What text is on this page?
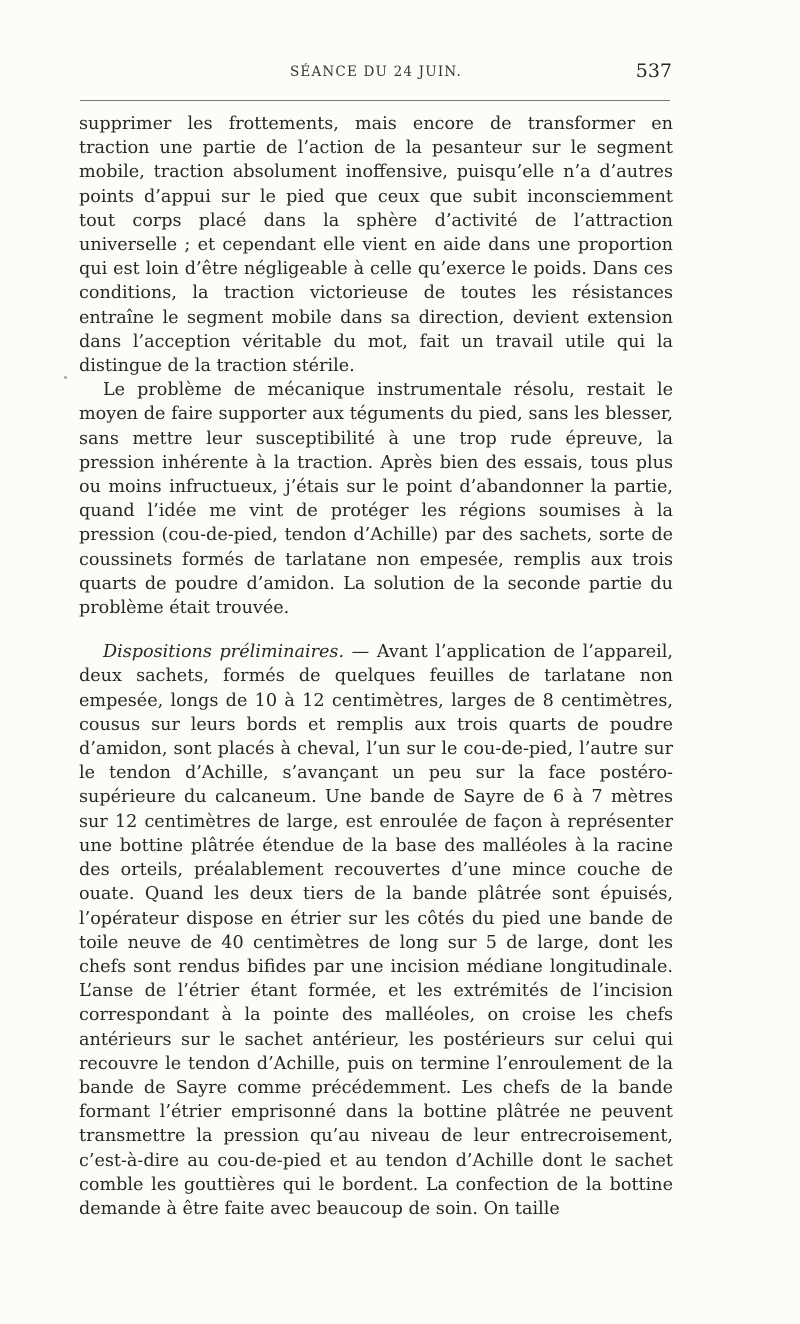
SÉANCE DU 24 JUIN.	537

supprimer les frottements, mais encore de transformer en traction une partie de l’action de la pesanteur sur le segment mobile, traction absolument inoffensive, puisqu’elle n’a d’autres points d’appui sur le pied que ceux que subit inconsciemment tout corps placé dans la sphère d’activité de l’attraction universelle ; et cependant elle vient en aide dans une proportion qui est loin d’être négligeable à celle qu’exerce le poids. Dans ces conditions, la traction victorieuse de toutes les résistances entraîne le segment mobile dans sa direction, devient extension dans l’acception véritable du mot, fait un travail utile qui la distingue de la traction stérile.

Le problème de mécanique instrumentale résolu, restait le moyen de faire supporter aux téguments du pied, sans les blesser, sans mettre leur susceptibilité à une trop rude épreuve, la pression inhérente à la traction. Après bien des essais, tous plus ou moins infructueux, j’étais sur le point d’abandonner la partie, quand l’idée me vint de protéger les régions soumises à la pression (cou-de-pied, tendon d’Achille) par des sachets, sorte de coussinets formés de tarlatane non empesée, remplis aux trois quarts de poudre d’amidon. La solution de la seconde partie du problème était trouvée.

Dispositions préliminaires. — Avant l’application de l’appareil, deux sachets, formés de quelques feuilles de tarlatane non empesée, longs de 10 à 12 centimètres, larges de 8 centimètres, cousus sur leurs bords et remplis aux trois quarts de poudre d’amidon, sont placés à cheval, l’un sur le cou-de-pied, l’autre sur le tendon d’Achille, s’avançant un peu sur la face postéro-supérieure du calcaneum. Une bande de Sayre de 6 à 7 mètres sur 12 centimètres de large, est enroulée de façon à représenter une bottine plâtrée étendue de la base des malléoles à la racine des orteils, préalablement recouvertes d’une mince couche de ouate. Quand les deux tiers de la bande plâtrée sont épuisés, l’opérateur dispose en étrier sur les côtés du pied une bande de toile neuve de 40 centimètres de long sur 5 de large, dont les chefs sont rendus bifides par une incision médiane longitudinale. L’anse de l’étrier étant formée, et les extrémités de l’incision correspondant à la pointe des malléoles, on croise les chefs antérieurs sur le sachet antérieur, les postérieurs sur celui qui recouvre le tendon d’Achille, puis on termine l’enroulement de la bande de Sayre comme précédemment. Les chefs de la bande formant l’étrier emprisonné dans la bottine plâtrée ne peuvent transmettre la pression qu’au niveau de leur entrecroisement, c’est-à-dire au cou-de-pied et au tendon d’Achille dont le sachet comble les gouttières qui le bordent. La confection de la bottine demande à être faite avec beaucoup de soin. On taille
